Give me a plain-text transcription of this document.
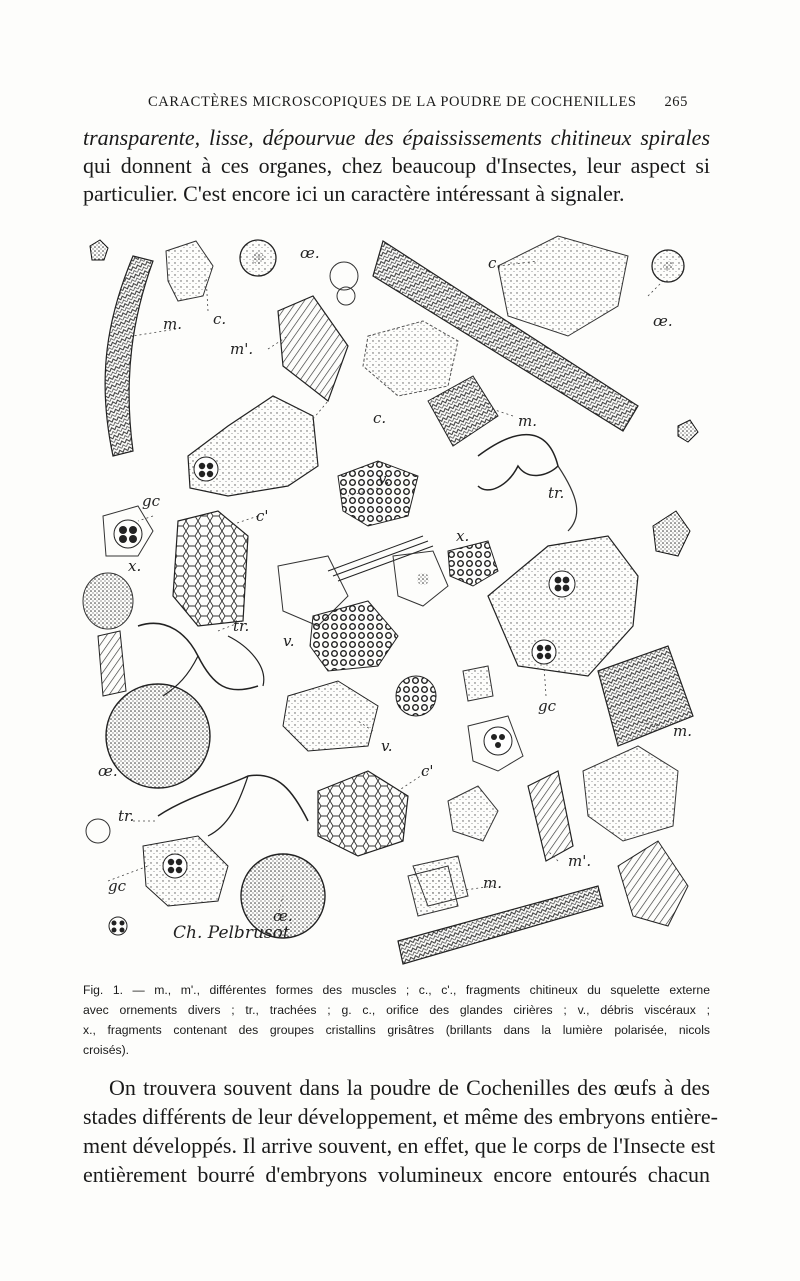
CARACTÈRES MICROSCOPIQUES DE LA POUDRE DE COCHENILLES 265
transparente, lisse, dépourvue des épaississements chitineux spirales
qui donnent à ces organes, chez beaucoup d'Insectes, leur aspect si
particulier. C'est encore ici un caractère intéressant à signaler.
m. c.
m'.
œ.
c.
c.
œ.
m.
v.
tr.
gc
c'
x.
x.
tr.
v.
gc
m.
v.
œ.	c'
tr.
gc
m'.
m.
œ.
Ch. Pelbrusot
Fig. 1. — m., m'., différentes formes des muscles ; c., c'., fragments chitineux du squelette externe
avec ornements divers ; tr., trachées ; g. c., orifice des glandes cirières ; v., débris viscéraux ;
x., fragments contenant des groupes cristallins grisâtres (brillants dans la lumière polarisée, nicols
croisés).
On trouvera souvent dans la poudre de Cochenilles des œufs à des
stades différents de leur développement, et même des embryons entière-
ment développés. Il arrive souvent, en effet, que le corps de l'Insecte est
entièrement bourré d'embryons volumineux encore entourés chacun
